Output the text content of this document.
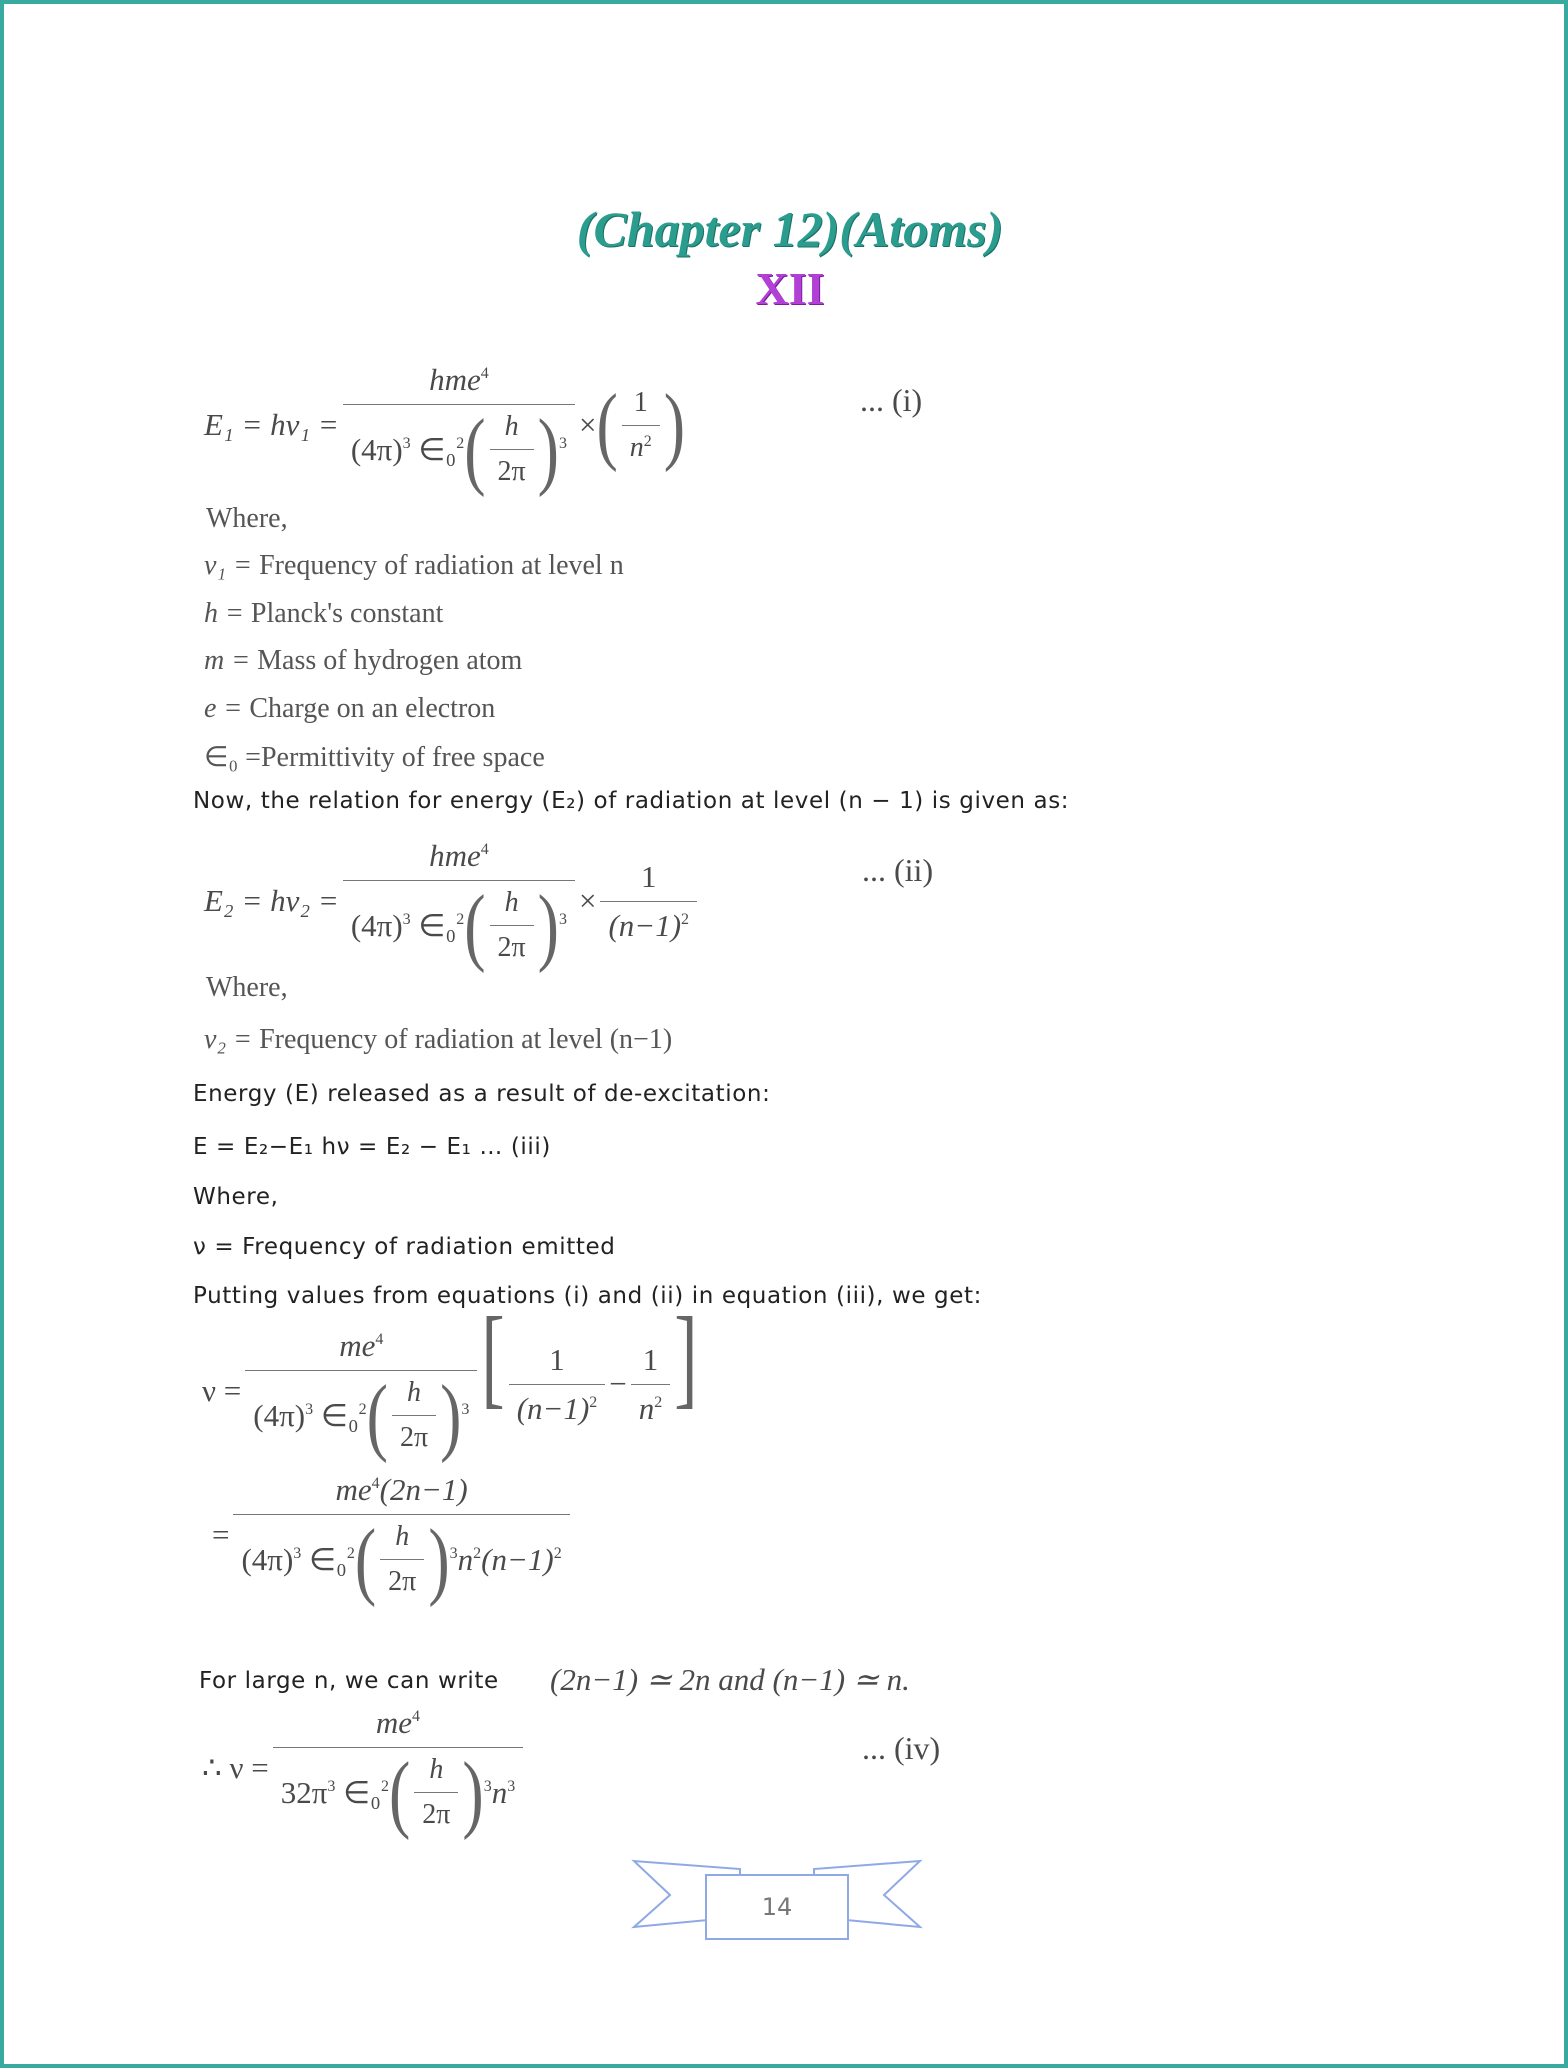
(Chapter 12)(Atoms)
XII
E₁ = hν₁ = hme$^4$
$(4\pi)^3$
∈₀$^2$ ( $\frac{h}{2\pi} )^3$ × ( $\frac{1}{n^2}$ )	... (i)
Where,
ν₁ = Frequency of radiation at level n
h = Planck's constant
m = Mass of hydrogen atom
e = Charge on an electron
∈₀ =Permittivity of free space
Now, the relation for energy (E₂) of radiation at level (n − 1) is given as:
E₂ = hν₂ = hme$^4$
$(4\pi)^3$
∈₀$^2$ ( $\frac{h}{2\pi} )^3 \times \frac{1}{(n-1)^2}$	... (ii)
Where,
ν₂ = Frequency of radiation at level (n−1)
Energy (E) released as a result of de-excitation:
E = E₂−E₁ hν = E₂ − E₁ … (iii)
Where,
ν = Frequency of radiation emitted
Putting values from equations (i) and (ii) in equation (iii), we get:
$\nu = me^4$
$(4\pi)^3$
∈₀$^2$ ( $\frac{h}{2\pi} )^3$ [ $\frac{1}{(n-1)^2} - \frac{1}{n^2}$ ]
= $me^4$ (2n−1)
$(4\pi)^3$
∈₀$^2$ ( $\frac{h}{2\pi} )^3$ $n^2$ $(n-1)^2$
For large n, we can write (2n−1) ≃ 2n and (n−1) ≃ n.
∴ $\nu = me^4$
$32\pi^3$
∈₀$^2$ ( $\frac{h}{2\pi} )^3$ $n^3$	... (iv)
14
